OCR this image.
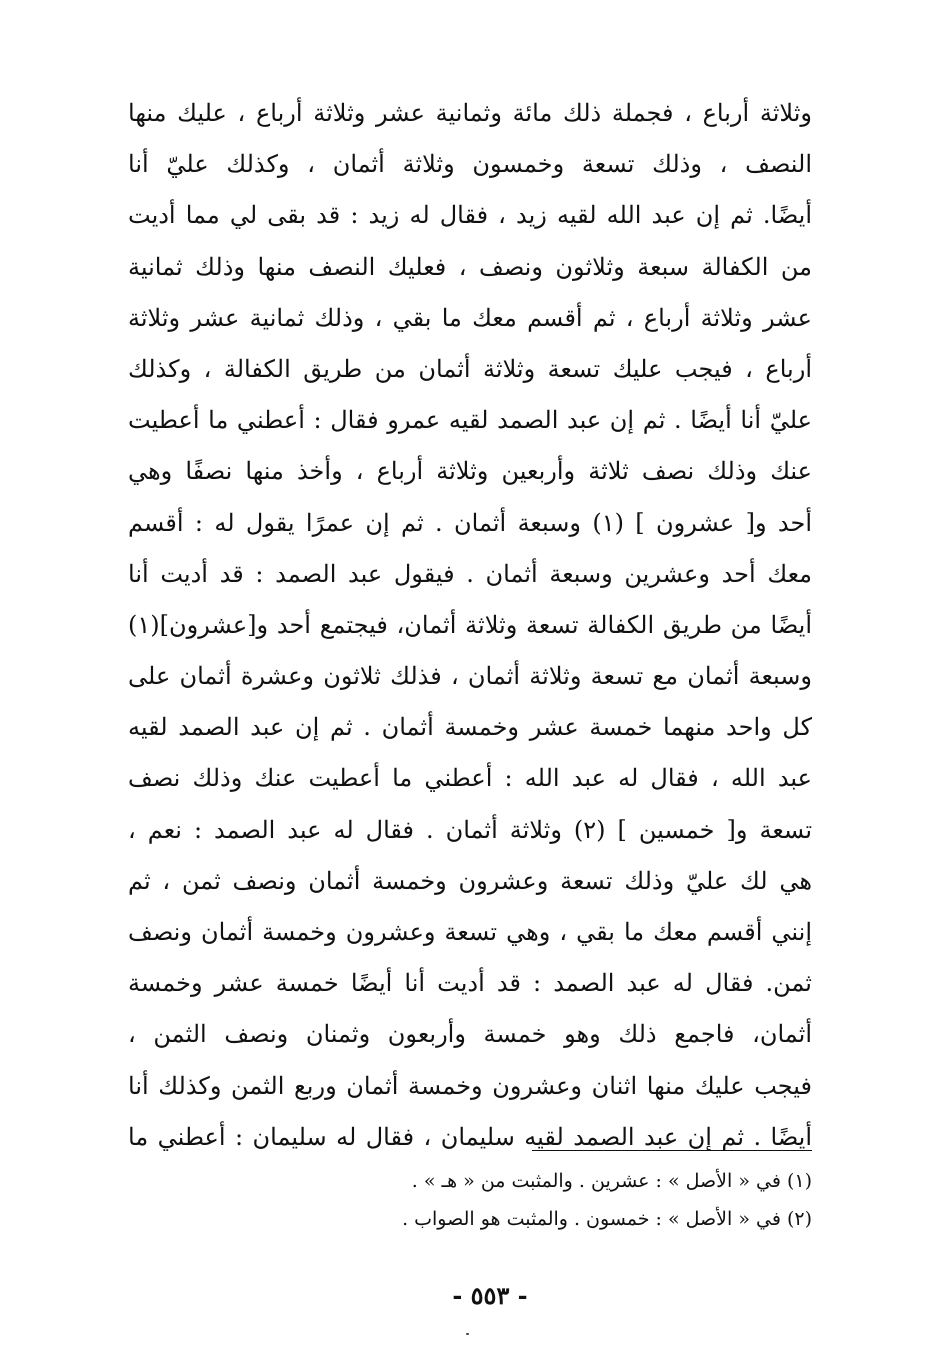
وثلاثة أرباع ، فجملة ذلك مائة وثمانية عشر وثلاثة أرباع ، عليك منها
النصف ، وذلك تسعة وخمسون وثلاثة أثمان ، وكذلك عليّ أنا
أيضًا. ثم إن عبد الله لقيه زيد ، فقال له زيد : قد بقى لي مما أديت
من الكفالة سبعة وثلاثون ونصف ، فعليك النصف منها وذلك ثمانية
عشر وثلاثة أرباع ، ثم أقسم معك ما بقي ، وذلك ثمانية عشر وثلاثة
أرباع ، فيجب عليك تسعة وثلاثة أثمان من طريق الكفالة ، وكذلك
عليّ أنا أيضًا . ثم إن عبد الصمد لقيه عمرو فقال : أعطني ما أعطيت
عنك وذلك نصف ثلاثة وأربعين وثلاثة أرباع ، وأخذ منها نصفًا وهي
أحد و[ عشرون ] (١) وسبعة أثمان . ثم إن عمرًا يقول له : أقسم
معك أحد وعشرين وسبعة أثمان . فيقول عبد الصمد : قد أديت أنا
أيضًا من طريق الكفالة تسعة وثلاثة أثمان، فيجتمع أحد و[عشرون](١)
وسبعة أثمان مع تسعة وثلاثة أثمان ، فذلك ثلاثون وعشرة أثمان على
كل واحد منهما خمسة عشر وخمسة أثمان . ثم إن عبد الصمد لقيه
عبد الله ، فقال له عبد الله : أعطني ما أعطيت عنك وذلك نصف
تسعة و[ خمسين ] (٢) وثلاثة أثمان . فقال له عبد الصمد : نعم ،
هي لك عليّ وذلك تسعة وعشرون وخمسة أثمان ونصف ثمن ، ثم
إنني أقسم معك ما بقي ، وهي تسعة وعشرون وخمسة أثمان ونصف
ثمن. فقال له عبد الصمد : قد أديت أنا أيضًا خمسة عشر وخمسة
أثمان، فاجمع ذلك وهو خمسة وأربعون وثمنان ونصف الثمن ،
فيجب عليك منها اثنان وعشرون وخمسة أثمان وربع الثمن وكذلك أنا
أيضًا . ثم إن عبد الصمد لقيه سليمان ، فقال له سليمان : أعطني ما
(١) في « الأصل » : عشرين . والمثبت من « هـ » .
(٢) في « الأصل » : خمسون . والمثبت هو الصواب .
- ٥٥٣ -
